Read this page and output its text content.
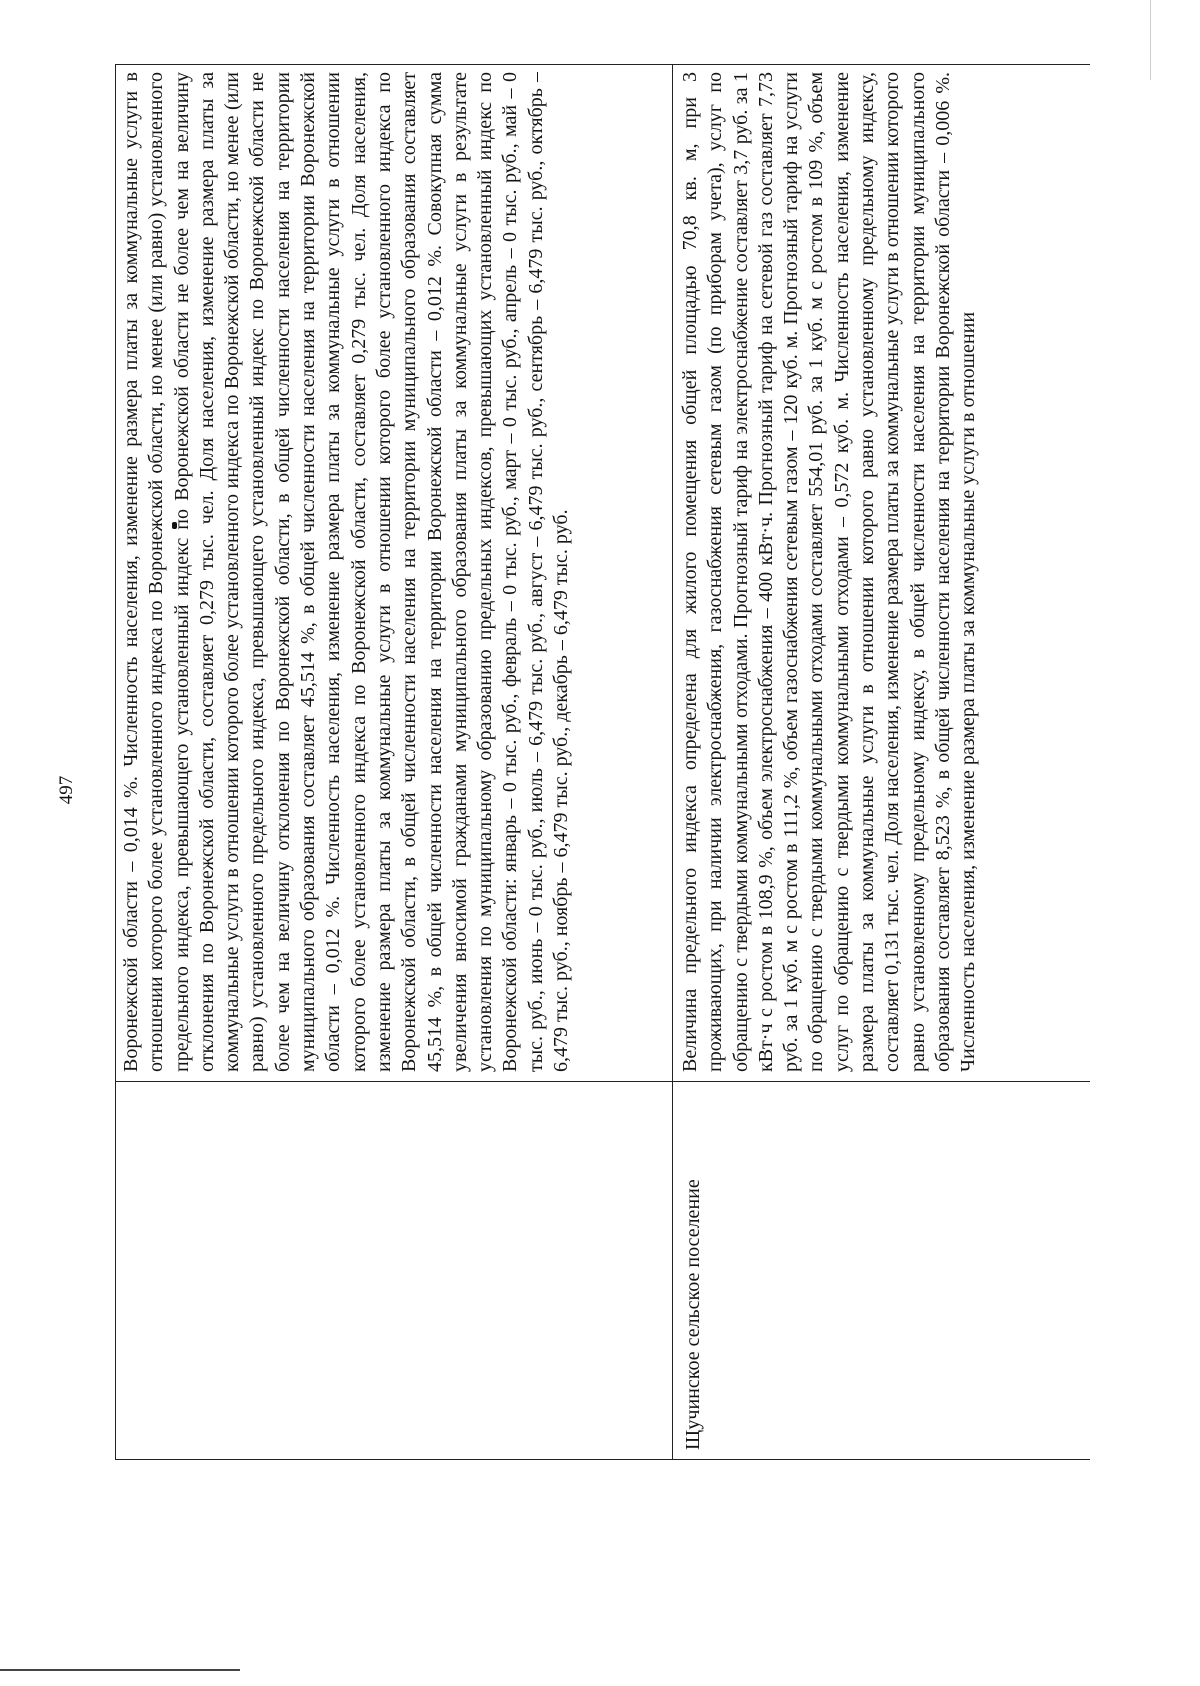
497
Щучинское сельское поселение
Воронежской области – 0,014 %. Численность населения, изменение размера платы за коммунальные услуги в отношении которого более установленного индекса по Воронежской области, но менее (или равно) установленного предельного индекса, превышающего установленный индекс по Воронежской области не более чем на величину отклонения по Воронежской области, составляет 0,279 тыс. чел. Доля населения, изменение размера платы за коммунальные услуги в отношении которого более установленного индекса по Воронежской области, но менее (или равно) установленного предельного индекса, превышающего установленный индекс по Воронежской области не более чем на величину отклонения по Воронежской области, в общей численности населения на территории муниципального образования составляет 45,514 %, в общей численности населения на территории Воронежской области – 0,012 %. Численность населения, изменение размера платы за коммунальные услуги в отношении которого более установленного индекса по Воронежской области, составляет 0,279 тыс. чел. Доля населения, изменение размера платы за коммунальные услуги в отношении которого более установленного индекса по Воронежской области, в общей численности населения на территории муниципального образования составляет 45,514 %, в общей численности населения на территории Воронежской области – 0,012 %. Совокупная сумма увеличения вносимой гражданами муниципального образования платы за коммунальные услуги в результате установления по муниципальному образованию предельных индексов, превышающих установленный индекс по Воронежской области: январь – 0 тыс. руб., февраль – 0 тыс. руб., март – 0 тыс. руб., апрель – 0 тыс. руб., май – 0 тыс. руб., июнь – 0 тыс. руб., июль – 6,479 тыс. руб., август – 6,479 тыс. руб., сентябрь – 6,479 тыс. руб., октябрь – 6,479 тыс. руб., ноябрь – 6,479 тыс. руб., декабрь – 6,479 тыс. руб.	Величина предельного индекса определена для жилого помещения общей площадью 70,8 кв. м, при 3 проживающих, при наличии электроснабжения, газоснабжения сетевым газом (по приборам учета), услуг по обращению с твердыми коммунальными отходами. Прогнозный тариф на электроснабжение составляет 3,7 руб. за 1 кВт·ч с ростом в 108,9 %, объем электроснабжения – 400 кВт·ч. Прогнозный тариф на сетевой газ составляет 7,73 руб. за 1 куб. м с ростом в 111,2 %, объем газоснабжения сетевым газом – 120 куб. м. Прогнозный тариф на услуги по обращению с твердыми коммунальными отходами составляет 554,01 руб. за 1 куб. м с ростом в 109 %, объем услуг по обращению с твердыми коммунальными отходами – 0,572 куб. м. Численность населения, изменение размера платы за коммунальные услуги в отношении которого равно установленному предельному индексу, составляет 0,131 тыс. чел. Доля населения, изменение размера платы за коммунальные услуги в отношении которого равно установленному предельному индексу, в общей численности населения на территории муниципального образования составляет 8,523 %, в общей численности населения на территории Воронежской области – 0,006 %. Численность населения, изменение размера платы за коммунальные услуги в отношении
